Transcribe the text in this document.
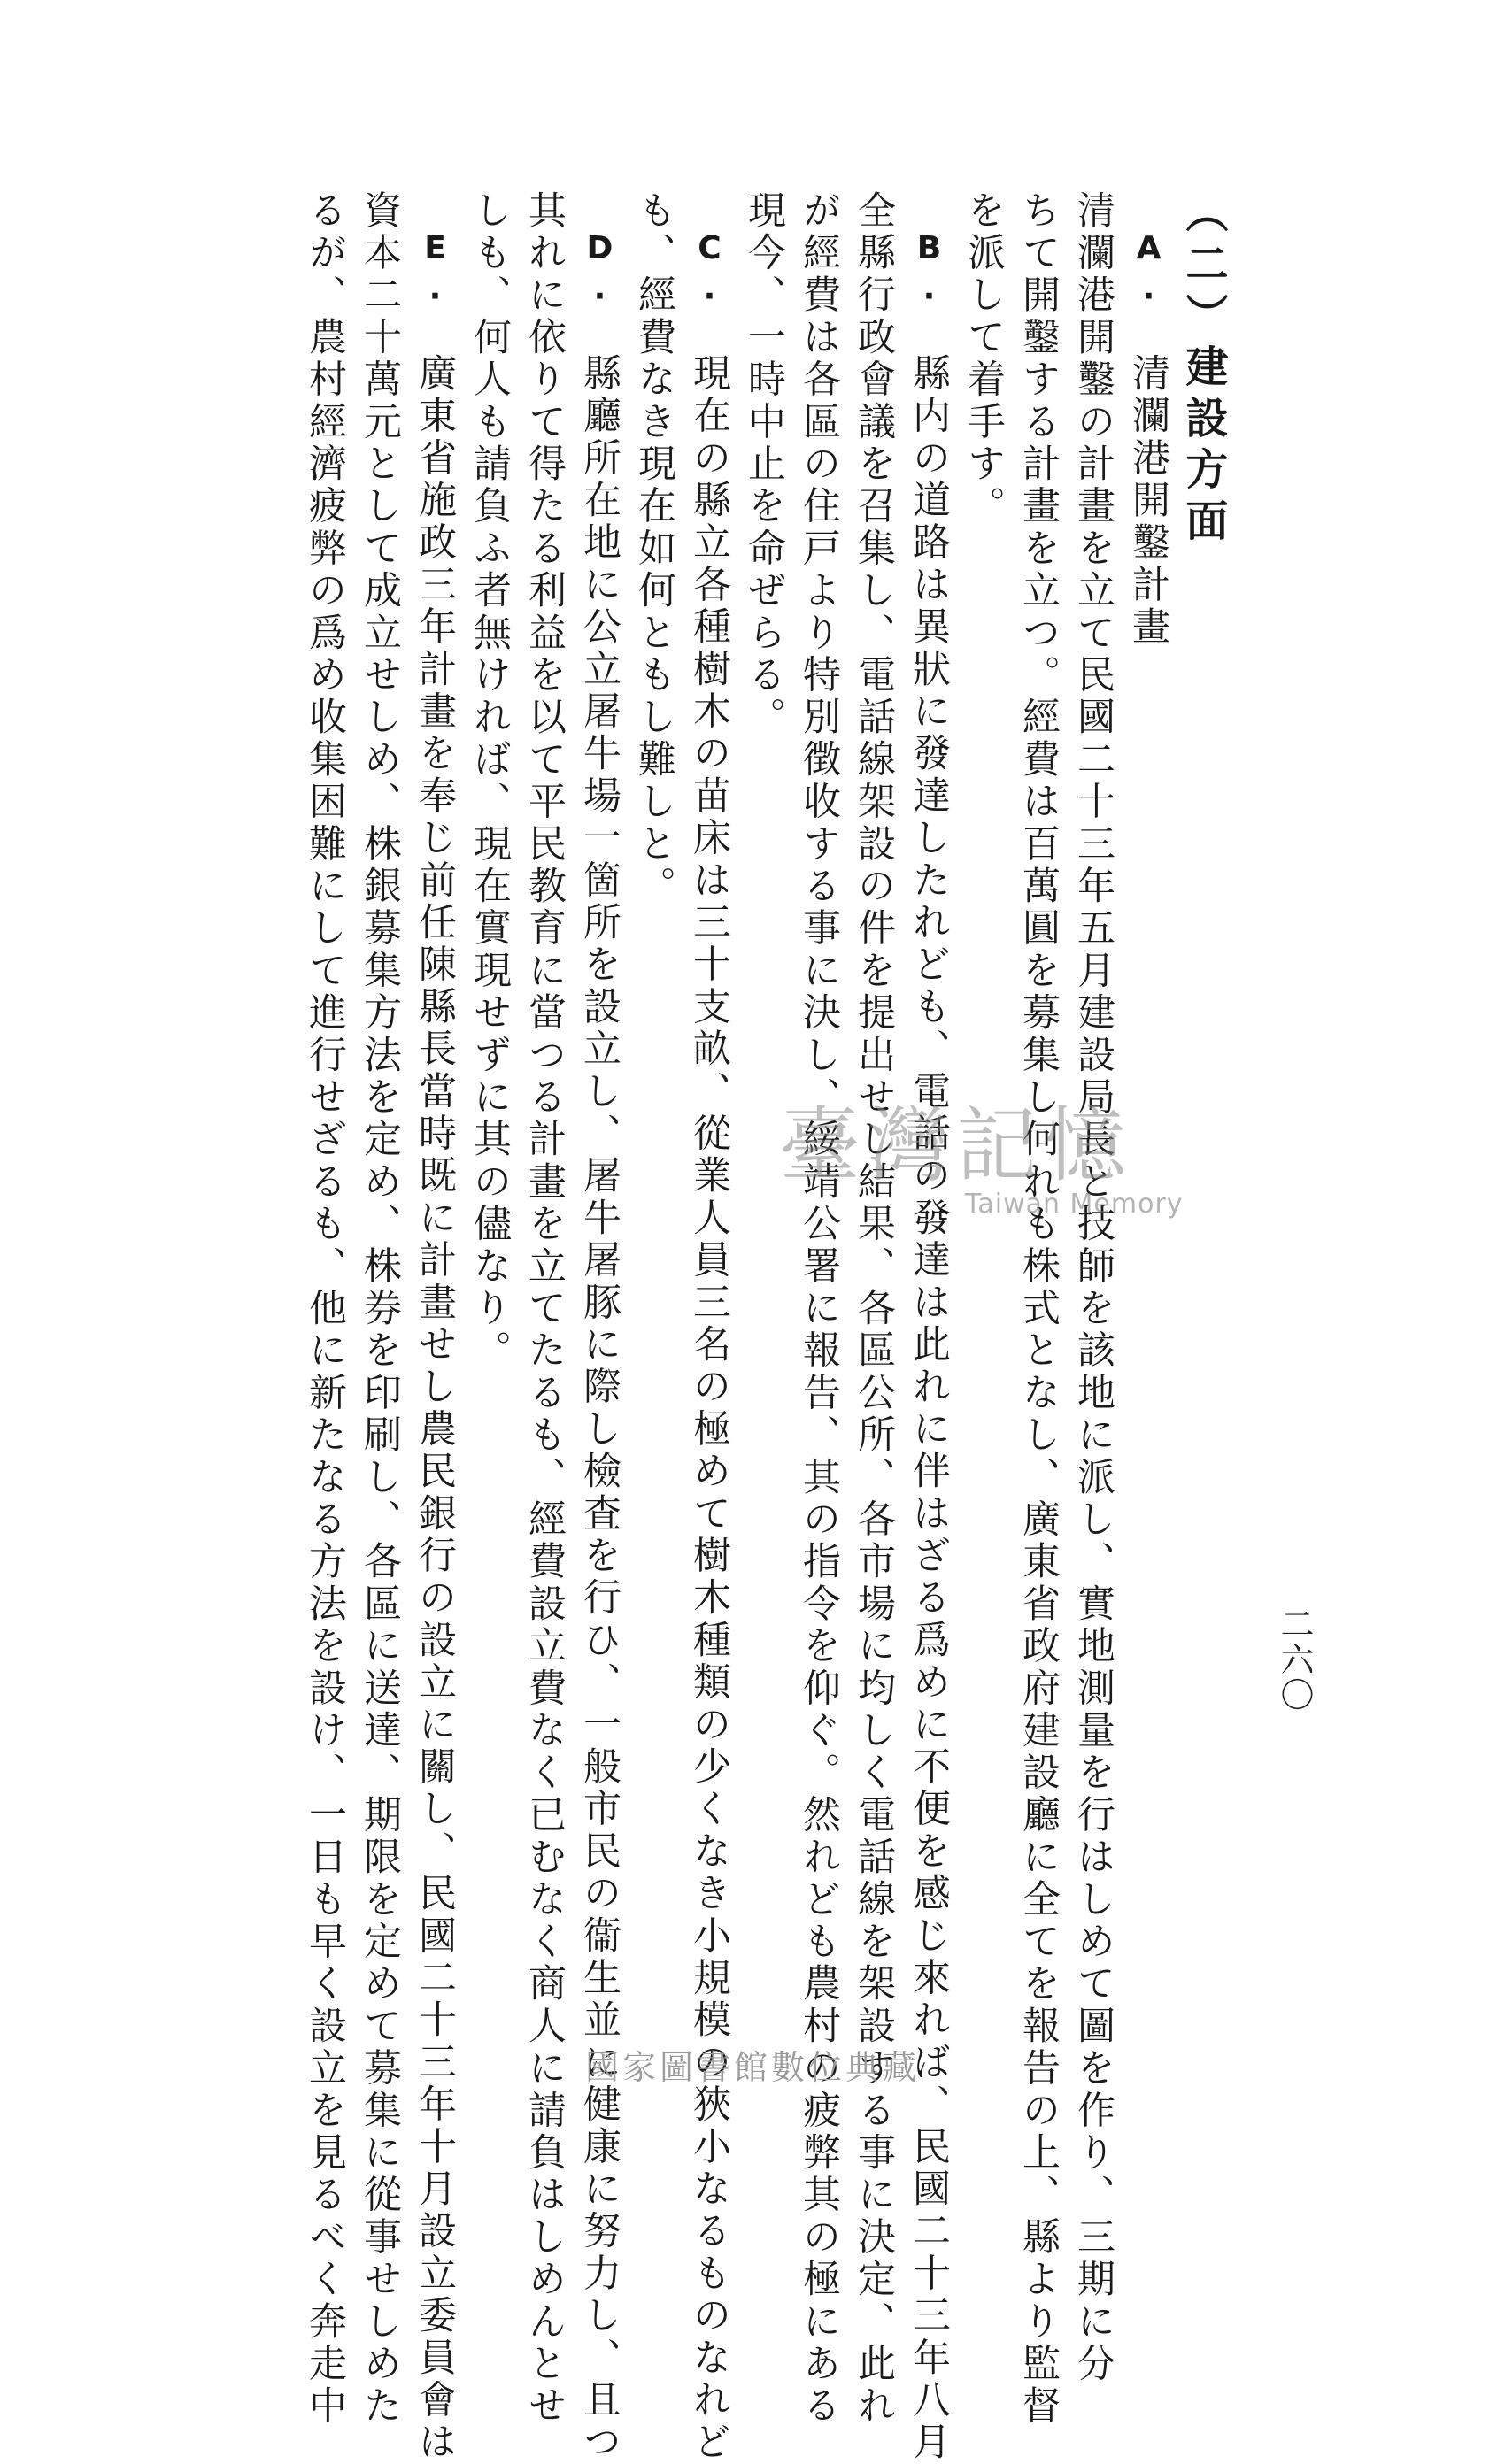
二六〇
（二）建設方面
A.　清瀾港開鑿計畫
清瀾港開鑿の計畫を立て民國二十三年五月建設局長と技師を該地に派し、實地測量を行はしめて圖を作り、三期に分
ちて開鑿する計畫を立つ。經費は百萬圓を募集し何れも株式となし、廣東省政府建設廳に全てを報告の上、縣より監督
を派して着手す。
B.　縣内の道路は異狀に發達したれども、電話の發達は此れに伴はざる爲めに不便を感じ來れば、民國二十三年八月
全縣行政會議を召集し、電話線架設の件を提出せし結果、各區公所、各市場に均しく電話線を架設する事に決定、此れ
が經費は各區の住戸より特別徴收する事に決し、綏靖公署に報告、其の指令を仰ぐ。然れども農村の疲弊其の極にある
現今、一時中止を命ぜらる。
C.　現在の縣立各種樹木の苗床は三十支畝、從業人員三名の極めて樹木種類の少くなき小規模の狹小なるものなれど
も、經費なき現在如何ともし難しと。
D.　縣廳所在地に公立屠牛場一箇所を設立し、屠牛屠豚に際し檢査を行ひ、一般市民の衞生並に健康に努力し、且つ
其れに依りて得たる利益を以て平民教育に當つる計畫を立てたるも、經費設立費なく已むなく商人に請負はしめんとせ
しも、何人も請負ふ者無ければ、現在實現せずに其の儘なり。
E.　廣東省施政三年計畫を奉じ前任陳縣長當時既に計畫せし農民銀行の設立に關し、民國二十三年十月設立委員會は
資本二十萬元として成立せしめ、株銀募集方法を定め、株券を印刷し、各區に送達、期限を定めて募集に從事せしめた
るが、農村經濟疲弊の爲め收集困難にして進行せざるも、他に新たなる方法を設け、一日も早く設立を見るべく奔走中	臺灣記憶
Taiwan Memory
國家圖書館數位典藏
